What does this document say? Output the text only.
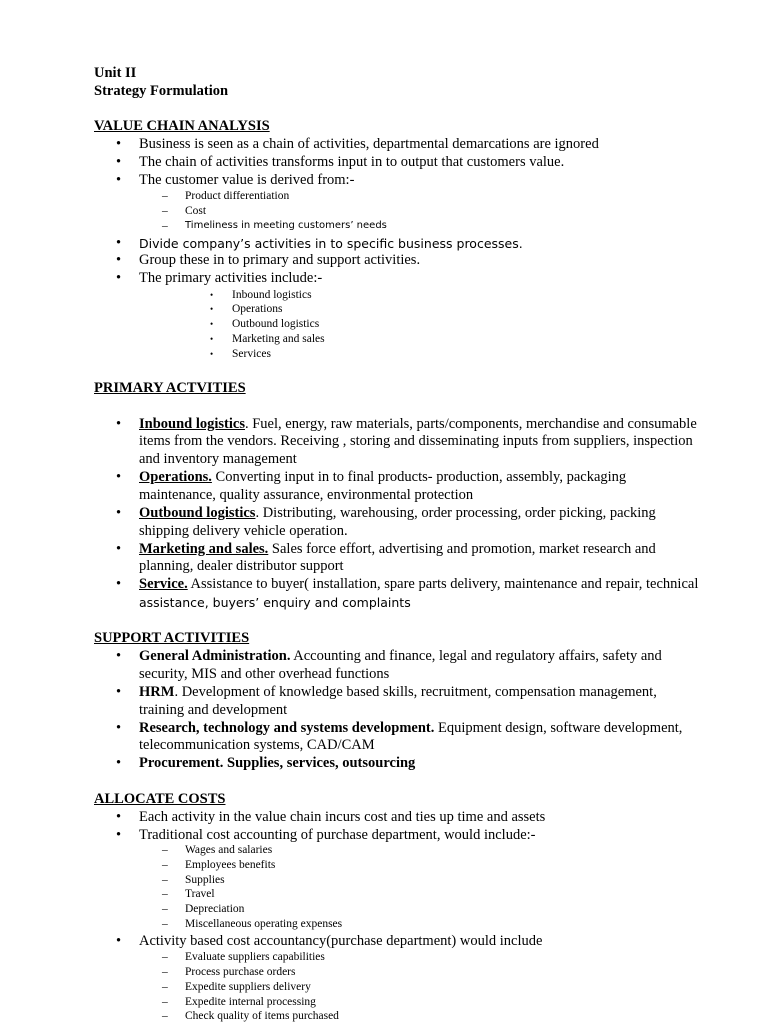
Unit II
Strategy Formulation
VALUE CHAIN ANALYSIS
• Business is seen as a chain of activities, departmental demarcations are ignored
• The chain of activities transforms input in to output that customers value.
• The customer value is derived from:-
– Product differentiation
– Cost
– Timeliness in meeting customers’ needs
• Divide company’s activities in to specific business processes.
• Group these in to primary and support activities.
• The primary activities include:-
• Inbound logistics
• Operations
• Outbound logistics
• Marketing and sales
• Services
PRIMARY ACTVITIES
• Inbound logistics. Fuel, energy, raw materials, parts/components, merchandise and consumable
items from the vendors. Receiving , storing and disseminating inputs from suppliers, inspection
and inventory management
• Operations. Converting input in to final products- production, assembly, packaging
maintenance, quality assurance, environmental protection
• Outbound logistics. Distributing, warehousing, order processing, order picking, packing
shipping delivery vehicle operation.
• Marketing and sales. Sales force effort, advertising and promotion, market research and
planning, dealer distributor support
• Service. Assistance to buyer( installation, spare parts delivery, maintenance and repair, technical
assistance, buyers’ enquiry and complaints
SUPPORT ACTIVITIES
• General Administration. Accounting and finance, legal and regulatory affairs, safety and
security, MIS and other overhead functions
• HRM. Development of knowledge based skills, recruitment, compensation management,
training and development
• Research, technology and systems development. Equipment design, software development,
telecommunication systems, CAD/CAM
• Procurement. Supplies, services, outsourcing
ALLOCATE COSTS
• Each activity in the value chain incurs cost and ties up time and assets
• Traditional cost accounting of purchase department, would include:-
– Wages and salaries
– Employees benefits
– Supplies
– Travel
– Depreciation
– Miscellaneous operating expenses
• Activity based cost accountancy(purchase department) would include
– Evaluate suppliers capabilities
– Process purchase orders
– Expedite suppliers delivery
– Expedite internal processing
– Check quality of items purchased
